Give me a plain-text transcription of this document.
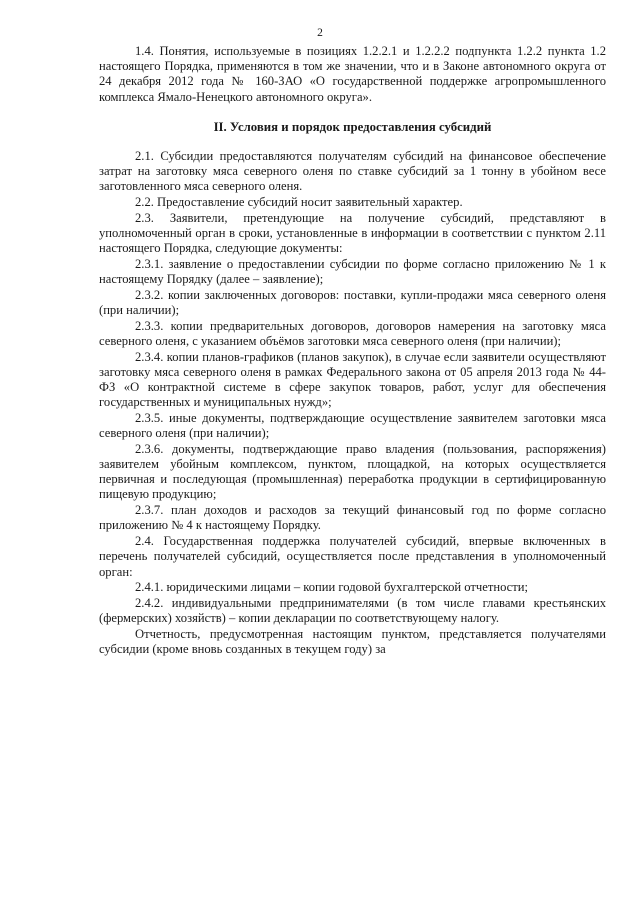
2

1.4. Понятия, используемые в позициях 1.2.2.1 и 1.2.2.2 подпункта 1.2.2 пункта 1.2 настоящего Порядка, применяются в том же значении, что и в Законе автономного округа от 24 декабря 2012 года № 160-ЗАО «О государственной поддержке агропромышленного комплекса Ямало-Ненецкого автономного округа».

II. Условия и порядок предоставления субсидий

2.1. Субсидии предоставляются получателям субсидий на финансовое обеспечение затрат на заготовку мяса северного оленя по ставке субсидий за 1 тонну в убойном весе заготовленного мяса северного оленя.

2.2. Предоставление субсидий носит заявительный характер.

2.3. Заявители, претендующие на получение субсидий, представляют в уполномоченный орган в сроки, установленные в информации в соответствии с пунктом 2.11 настоящего Порядка, следующие документы:

2.3.1. заявление о предоставлении субсидии по форме согласно приложению № 1 к настоящему Порядку (далее – заявление);

2.3.2. копии заключенных договоров: поставки, купли-продажи мяса северного оленя (при наличии);

2.3.3. копии предварительных договоров, договоров намерения на заготовку мяса северного оленя, с указанием объёмов заготовки мяса северного оленя (при наличии);

2.3.4. копии планов-графиков (планов закупок), в случае если заявители осуществляют заготовку мяса северного оленя в рамках Федерального закона от 05 апреля 2013 года № 44-ФЗ «О контрактной системе в сфере закупок товаров, работ, услуг для обеспечения государственных и муниципальных нужд»;

2.3.5. иные документы, подтверждающие осуществление заявителем заготовки мяса северного оленя (при наличии);

2.3.6. документы, подтверждающие право владения (пользования, распоряжения) заявителем убойным комплексом, пунктом, площадкой, на которых осуществляется первичная и последующая (промышленная) переработка продукции в сертифицированную пищевую продукцию;

2.3.7. план доходов и расходов за текущий финансовый год по форме согласно приложению № 4 к настоящему Порядку.

2.4. Государственная поддержка получателей субсидий, впервые включенных в перечень получателей субсидий, осуществляется после представления в уполномоченный орган:

2.4.1. юридическими лицами – копии годовой бухгалтерской отчетности;

2.4.2. индивидуальными предпринимателями (в том числе главами крестьянских (фермерских) хозяйств) – копии декларации по соответствующему налогу.

Отчетность, предусмотренная настоящим пунктом, представляется получателями субсидии (кроме вновь созданных в текущем году) за
